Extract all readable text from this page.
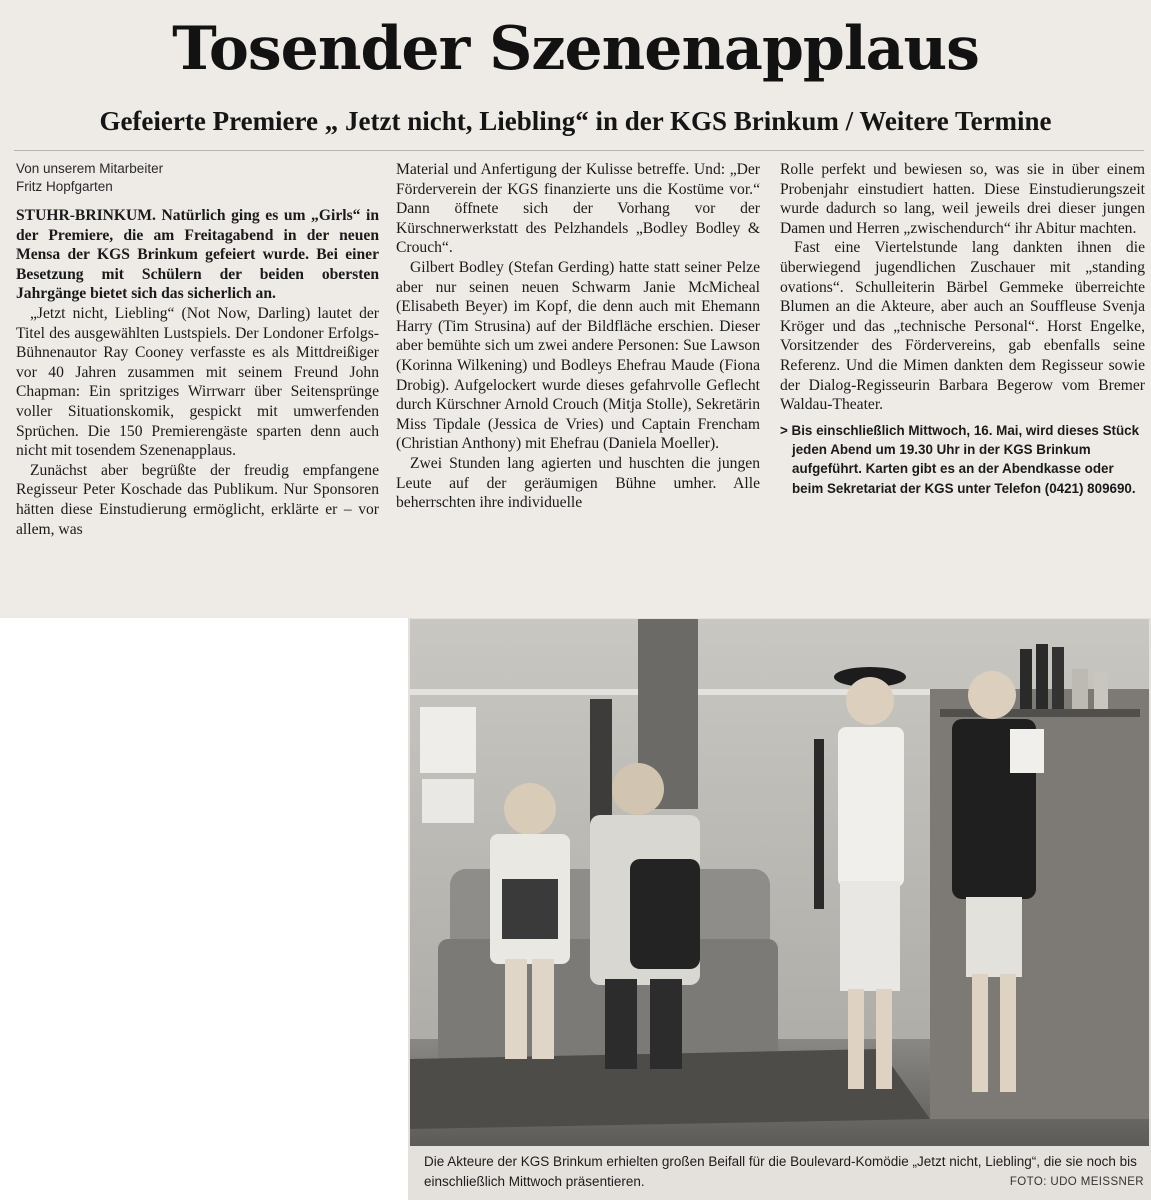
Tosender Szenenapplaus
Gefeierte Premiere „ Jetzt nicht, Liebling“ in der KGS Brinkum / Weitere Termine
Von unserem Mitarbeiter
Fritz Hopfgarten

STUHR-BRINKUM. Natürlich ging es um „Girls“ in der Premiere, die am Freitagabend in der neuen Mensa der KGS Brinkum gefeiert wurde. Bei einer Besetzung mit Schülern der beiden obersten Jahrgänge bietet sich das sicherlich an.

„Jetzt nicht, Liebling“ (Not Now, Darling) lautet der Titel des ausgewählten Lustspiels. Der Londoner Erfolgs-Bühnenautor Ray Cooney verfasste es als Mittdreißiger vor 40 Jahren zusammen mit seinem Freund John Chapman: Ein spritziges Wirrwarr über Seitensprünge voller Situationskomik, gespickt mit umwerfenden Sprüchen. Die 150 Premierengäste sparten denn auch nicht mit tosendem Szenenapplaus.

Zunächst aber begrüßte der freudig empfangene Regisseur Peter Koschade das Publikum. Nur Sponsoren hätten diese Einstudierung ermöglicht, erklärte er – vor allem, was

Material und Anfertigung der Kulisse betreffe. Und: „Der Förderverein der KGS finanzierte uns die Kostüme vor.“ Dann öffnete sich der Vorhang vor der Kürschnerwerkstatt des Pelzhandels „Bodley Bodley & Crouch“.

Gilbert Bodley (Stefan Gerding) hatte statt seiner Pelze aber nur seinen neuen Schwarm Janie McMicheal (Elisabeth Beyer) im Kopf, die denn auch mit Ehemann Harry (Tim Strusina) auf der Bildfläche erschien. Dieser aber bemühte sich um zwei andere Personen: Sue Lawson (Korinna Wilkening) und Bodleys Ehefrau Maude (Fiona Drobig). Aufgelockert wurde dieses gefahrvolle Geflecht durch Kürschner Arnold Crouch (Mitja Stolle), Sekretärin Miss Tipdale (Jessica de Vries) und Captain Frencham (Christian Anthony) mit Ehefrau (Daniela Moeller).

Zwei Stunden lang agierten und huschten die jungen Leute auf der geräumigen Bühne umher. Alle beherrschten ihre individuelle

Rolle perfekt und bewiesen so, was sie in über einem Probenjahr einstudiert hatten. Diese Einstudierungszeit wurde dadurch so lang, weil jeweils drei dieser jungen Damen und Herren „zwischendurch“ ihr Abitur machten.

Fast eine Viertelstunde lang dankten ihnen die überwiegend jugendlichen Zuschauer mit „standing ovations“. Schulleiterin Bärbel Gemmeke überreichte Blumen an die Akteure, aber auch an Souffleuse Svenja Kröger und das „technische Personal“. Horst Engelke, Vorsitzender des Fördervereins, gab ebenfalls seine Referenz. Und die Mimen dankten dem Regisseur sowie der Dialog-Regisseurin Barbara Begerow vom Bremer Waldau-Theater.

> Bis einschließlich Mittwoch, 16. Mai, wird dieses Stück jeden Abend um 19.30 Uhr in der KGS Brinkum aufgeführt. Karten gibt es an der Abendkasse oder beim Sekretariat der KGS unter Telefon (0421) 809690.
Die Akteure der KGS Brinkum erhielten großen Beifall für die Boulevard-Komödie „Jetzt nicht, Liebling“, die sie noch bis einschließlich Mittwoch präsentieren.	FOTO: UDO MEISSNER
